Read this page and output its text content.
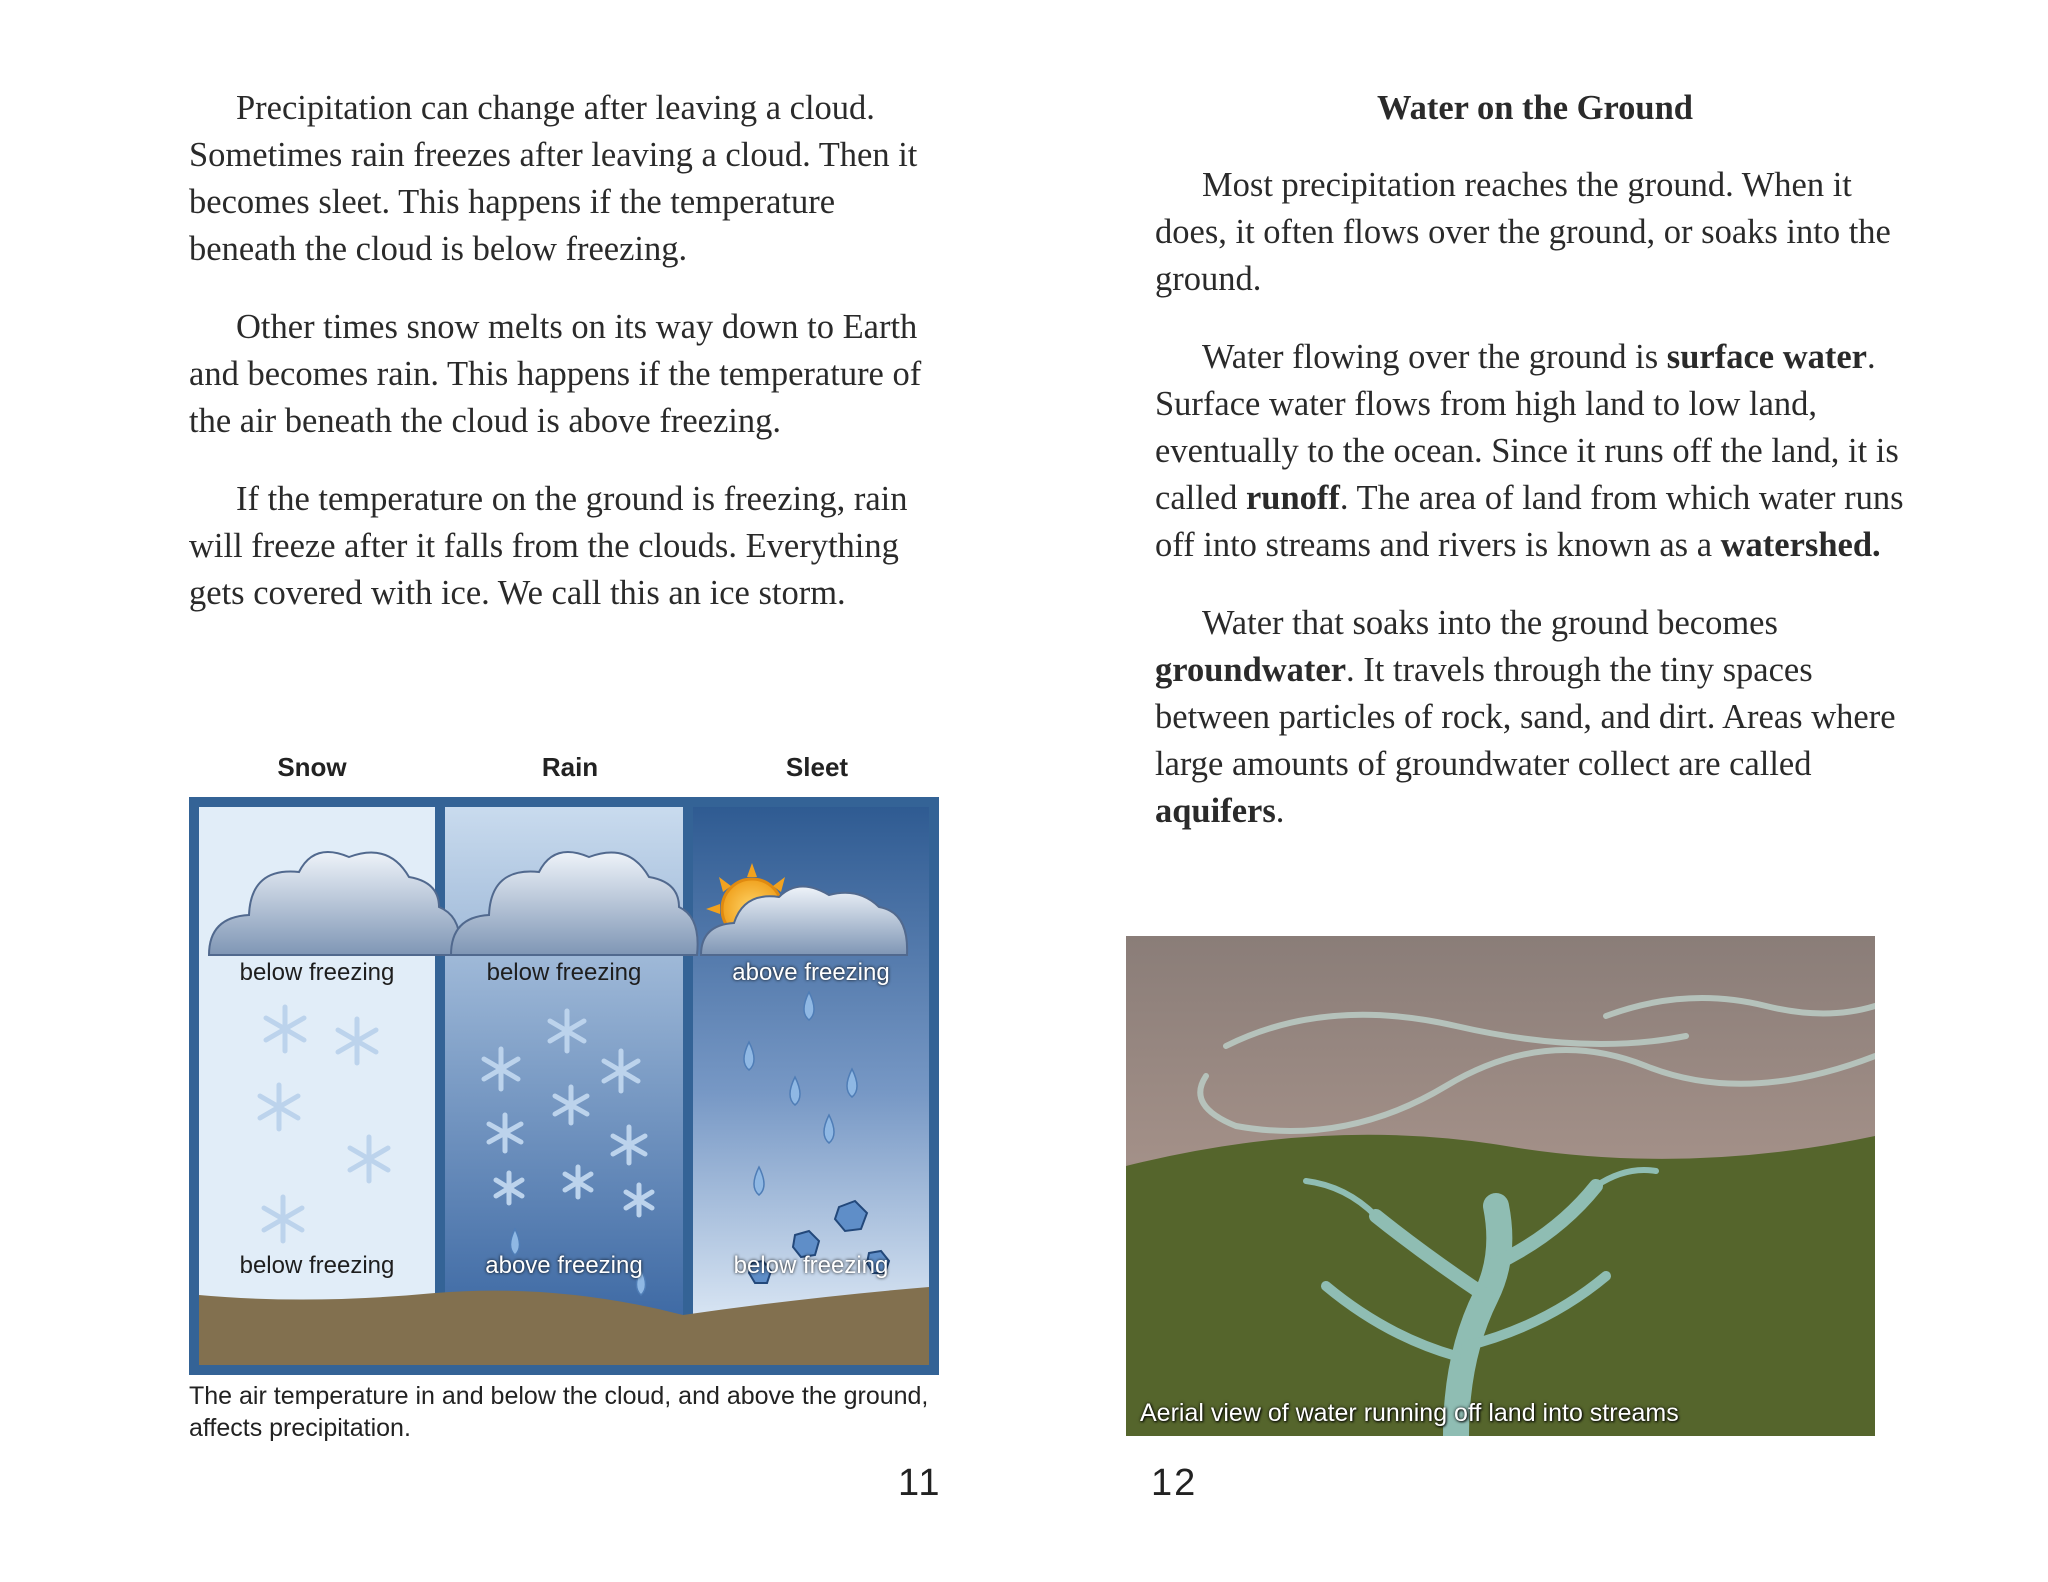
Precipitation can change after leaving a cloud. Sometimes rain freezes after leaving a cloud. Then it becomes sleet. This happens if the temperature beneath the cloud is below freezing.

Other times snow melts on its way down to Earth and becomes rain. This happens if the temperature of the air beneath the cloud is above freezing.

If the temperature on the ground is freezing, rain will freeze after it falls from the clouds. Everything gets covered with ice. We call this an ice storm.

Snow	Rain	Sleet
below freezing	below freezing	above freezing
below freezing	above freezing	below freezing
The air temperature in and below the cloud, and above the ground, affects precipitation.
11
Water on the Ground

Most precipitation reaches the ground. When it does, it often flows over the ground, or soaks into the ground.

Water flowing over the ground is surface water. Surface water flows from high land to low land, eventually to the ocean. Since it runs off the land, it is called runoff. The area of land from which water runs off into streams and rivers is known as a watershed.

Water that soaks into the ground becomes groundwater. It travels through the tiny spaces between particles of rock, sand, and dirt. Areas where large amounts of groundwater collect are called aquifers.

Aerial view of water running off land into streams
12
